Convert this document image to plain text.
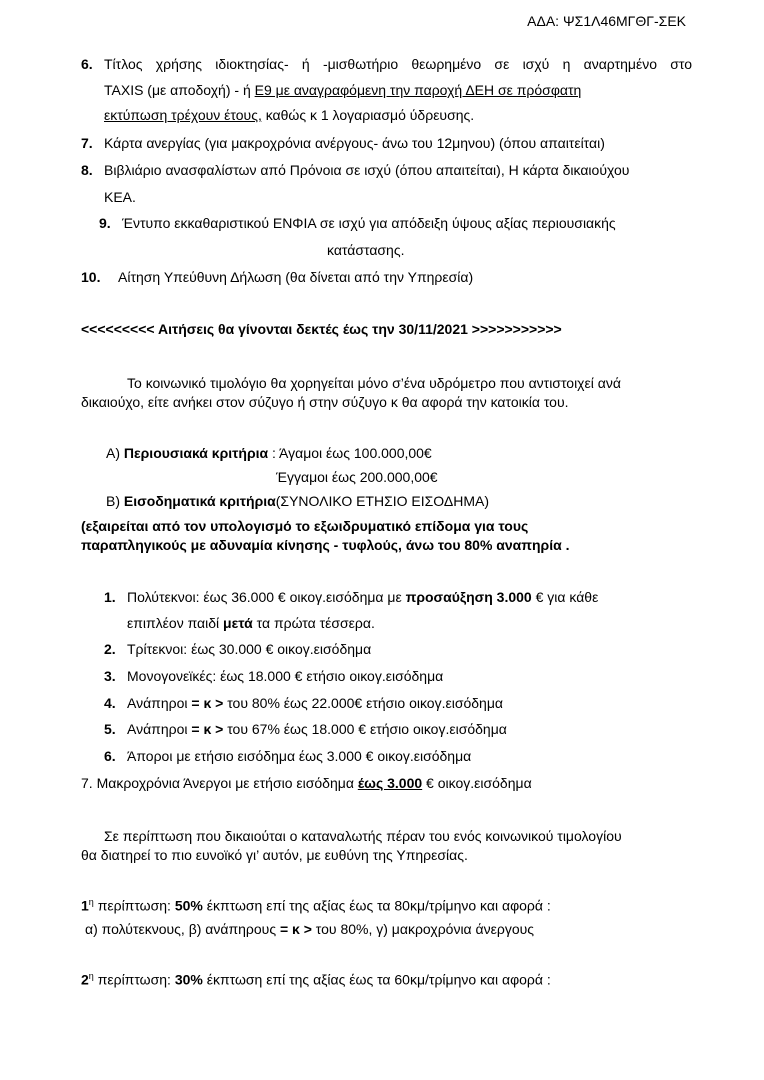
ΑΔΑ: ΨΣ1Λ46ΜΓΘΓ-ΣΕΚ
6. Τίτλος χρήσης ιδιοκτησίας- ή -μισθωτήριο θεωρημένο σε ισχύ η αναρτημένο στο
TAXIS (με αποδοχή) - ή Ε9 με αναγραφόμενη την παροχή ΔΕΗ σε πρόσφατη
εκτύπωση τρέχουν έτους, καθώς κ 1 λογαριασμό ύδρευσης.
7. Κάρτα ανεργίας (για μακροχρόνια ανέργους- άνω του 12μηνου) (όπου απαιτείται)
8. Βιβλιάριο ανασφαλίστων από Πρόνοια σε ισχύ (όπου απαιτείται), Η κάρτα δικαιούχου
ΚΕΑ.
9. Έντυπο εκκαθαριστικού ΕΝΦΙΑ σε ισχύ για απόδειξη ύψους αξίας περιουσιακής
κατάστασης.
10. Αίτηση Υπεύθυνη Δήλωση (θα δίνεται από την Υπηρεσία)
<<<<<<<<< Αιτήσεις θα γίνονται δεκτές έως την 30/11/2021 >>>>>>>>>>>
Το κοινωνικό τιμολόγιο θα χορηγείται μόνο σ’ένα υδρόμετρο που αντιστοιχεί ανά
δικαιούχο, είτε ανήκει στον σύζυγο ή στην σύζυγο κ θα αφορά την κατοικία του.
Α) Περιουσιακά κριτήρια : Άγαμοι έως 100.000,00€
Έγγαμοι έως 200.000,00€
Β) Εισοδηματικά κριτήρια(ΣΥΝΟΛΙΚΟ ΕΤΗΣΙΟ ΕΙΣΟΔΗΜΑ)
(εξαιρείται από τον υπολογισμό το εξωιδρυματικό επίδομα για τους
παραπληγικούς με αδυναμία κίνησης - τυφλούς, άνω του 80% αναπηρία .
1. Πολύτεκνοι: έως 36.000 € οικογ.εισόδημα με προσαύξηση 3.000 € για κάθε
επιπλέον παιδί μετά τα πρώτα τέσσερα.
2. Τρίτεκνοι: έως 30.000 € οικογ.εισόδημα
3. Μονογονεϊκές: έως 18.000 € ετήσιο οικογ.εισόδημα
4. Ανάπηροι = κ > του 80% έως 22.000€ ετήσιο οικογ.εισόδημα
5. Ανάπηροι = κ > του 67% έως 18.000 € ετήσιο οικογ.εισόδημα
6. Άποροι με ετήσιο εισόδημα έως 3.000 € οικογ.εισόδημα
7. Μακροχρόνια Άνεργοι με ετήσιο εισόδημα έως 3.000 € οικογ.εισόδημα
Σε περίπτωση που δικαιούται ο καταναλωτής πέραν του ενός κοινωνικού τιμολογίου
θα διατηρεί το πιο ευνοϊκό γι’ αυτόν, με ευθύνη της Υπηρεσίας.
$1^\eta$ περίπτωση: 50% έκπτωση επί της αξίας έως τα 80κμ/τρίμηνο και αφορά :
α) πολύτεκνους, β) ανάπηρους = κ > του 80%, γ) μακροχρόνια άνεργους
$2^\eta$ περίπτωση: 30% έκπτωση επί της αξίας έως τα 60κμ/τρίμηνο και αφορά :
